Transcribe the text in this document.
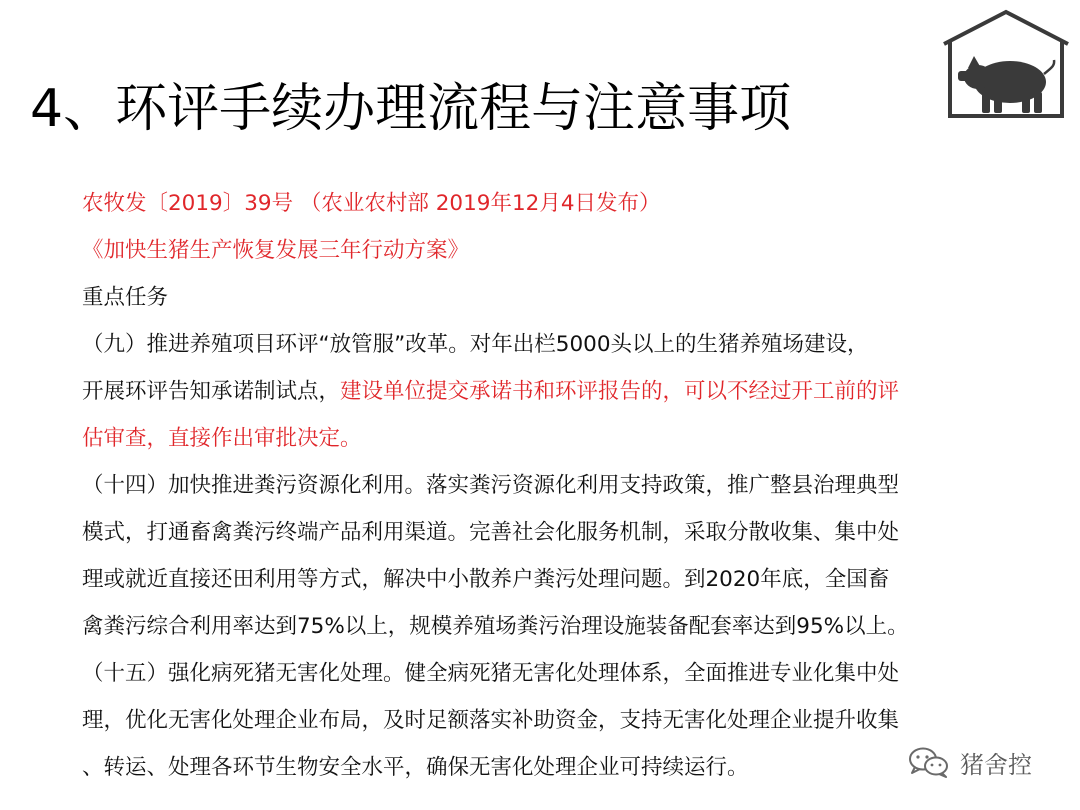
4、环评手续办理流程与注意事项
农牧发〔2019〕39号 （农业农村部 2019年12月4日发布）
《加快生猪生产恢复发展三年行动方案》
重点任务
（九）推进养殖项目环评“放管服”改革。对年出栏5000头以上的生猪养殖场建设，
开展环评告知承诺制试点，建设单位提交承诺书和环评报告的，可以不经过开工前的评
估审查，直接作出审批决定。
（十四）加快推进粪污资源化利用。落实粪污资源化利用支持政策，推广整县治理典型
模式，打通畜禽粪污终端产品利用渠道。完善社会化服务机制，采取分散收集、集中处
理或就近直接还田利用等方式，解决中小散养户粪污处理问题。到2020年底，全国畜
禽粪污综合利用率达到75%以上，规模养殖场粪污治理设施装备配套率达到95%以上。
（十五）强化病死猪无害化处理。健全病死猪无害化处理体系，全面推进专业化集中处
理，优化无害化处理企业布局，及时足额落实补助资金，支持无害化处理企业提升收集
、转运、处理各环节生物安全水平，确保无害化处理企业可持续运行。	猪舍控
